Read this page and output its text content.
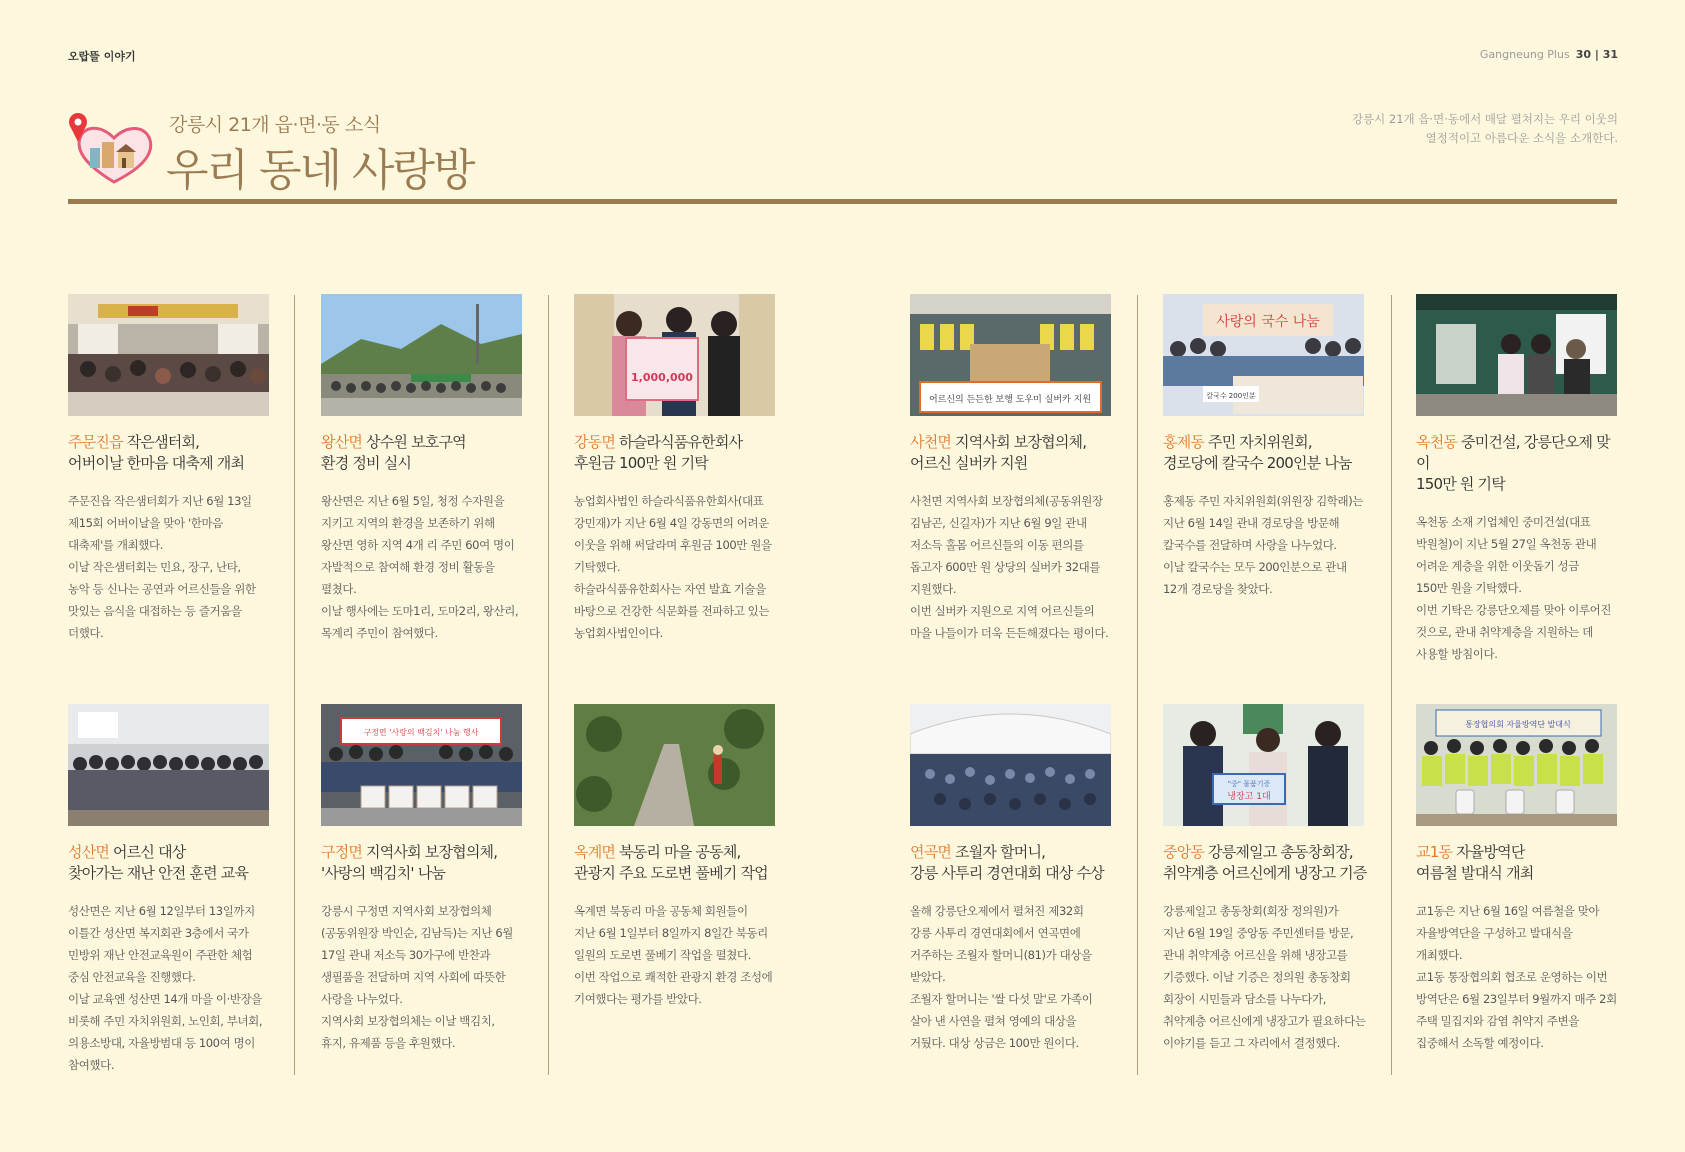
오랍뜰 이야기	Gangneung Plus 30 | 31
강릉시 21개 읍·면·동 소식
우리 동네 사랑방
강릉시 21개 읍·면·동에서 매달 펼쳐지는 우리 이웃의
열정적이고 아름다운 소식을 소개한다.
주문진읍 작은샘터회,
어버이날 한마음 대축제 개최
주문진읍 작은샘터회가 지난 6월 13일
제15회 어버이날을 맞아 '한마음
대축제'를 개최했다.
이날 작은샘터회는 민요, 장구, 난타,
농악 등 신나는 공연과 어르신들을 위한
맛있는 음식을 대접하는 등 즐거움을
더했다.
왕산면 상수원 보호구역
환경 정비 실시
왕산면은 지난 6월 5일, 청정 수자원을
지키고 지역의 환경을 보존하기 위해
왕산면 영하 지역 4개 리 주민 60여 명이
자발적으로 참여해 환경 정비 활동을
펼쳤다.
이날 행사에는 도마1리, 도마2리, 왕산리,
목계리 주민이 참여했다.
1,000,000
강동면 하슬라식품유한회사
후원금 100만 원 기탁
농업회사법인 하슬라식품유한회사(대표
강민재)가 지난 6월 4일 강동면의 어려운
이웃을 위해 써달라며 후원금 100만 원을
기탁했다.
하슬라식품유한회사는 자연 발효 기술을
바탕으로 건강한 식문화를 전파하고 있는
농업회사법인이다.
어르신의 든든한 보행 도우미 실버카 지원
사천면 지역사회 보장협의체,
어르신 실버카 지원
사천면 지역사회 보장협의체(공동위원장
김남곤, 신길자)가 지난 6월 9일 관내
저소득 홀몸 어르신들의 이동 편의를
돕고자 600만 원 상당의 실버카 32대를
지원했다.
이번 실버카 지원으로 지역 어르신들의
마을 나들이가 더욱 든든해졌다는 평이다.
사랑의 국수 나눔
칼국수 200인분
홍제동 주민 자치위원회,
경로당에 칼국수 200인분 나눔
홍제동 주민 자치위원회(위원장 김학래)는
지난 6월 14일 관내 경로당을 방문해
칼국수를 전달하며 사랑을 나누었다.
이날 칼국수는 모두 200인분으로 관내
12개 경로당을 찾았다.
옥천동 중미건설, 강릉단오제 맞이
150만 원 기탁
옥천동 소재 기업체인 중미건설(대표
박원철)이 지난 5월 27일 옥천동 관내
어려운 계층을 위한 이웃돕기 성금
150만 원을 기탁했다.
이번 기탁은 강릉단오제를 맞아 이루어진
것으로, 관내 취약계층을 지원하는 데
사용할 방침이다.
성산면 어르신 대상
찾아가는 재난 안전 훈련 교육
성산면은 지난 6월 12일부터 13일까지
이틀간 성산면 복지회관 3층에서 국가
민방위 재난 안전교육원이 주관한 체험
중심 안전교육을 진행했다.
이날 교육엔 성산면 14개 마을 이·반장을
비롯해 주민 자치위원회, 노인회, 부녀회,
의용소방대, 자율방범대 등 100여 명이
참여했다.
구정면 '사랑의 백김치' 나눔 행사
구정면 지역사회 보장협의체,
'사랑의 백김치' 나눔
강릉시 구정면 지역사회 보장협의체
(공동위원장 박인순, 김남득)는 지난 6월
17일 관내 저소득 30가구에 반찬과
생필품을 전달하며 지역 사회에 따뜻한
사랑을 나누었다.
지역사회 보장협의체는 이날 백김치,
휴지, 유제품 등을 후원했다.
옥계면 북동리 마을 공동체,
관광지 주요 도로변 풀베기 작업
옥계면 북동리 마을 공동체 회원들이
지난 6월 1일부터 8일까지 8일간 북동리
일원의 도로변 풀베기 작업을 펼쳤다.
이번 작업으로 쾌적한 관광지 환경 조성에
기여했다는 평가를 받았다.
연곡면 조월자 할머니,
강릉 사투리 경연대회 대상 수상
올해 강릉단오제에서 펼쳐진 제32회
강릉 사투리 경연대회에서 연곡면에
거주하는 조월자 할머니(81)가 대상을
받았다.
조월자 할머니는 '쌀 다섯 말'로 가족이
살아 낸 사연을 펼쳐 영예의 대상을
거뒀다. 대상 상금은 100만 원이다.
"중" 물품기증
냉장고 1대
중앙동 강릉제일고 총동창회장,
취약계층 어르신에게 냉장고 기증
강릉제일고 총동창회(회장 정의원)가
지난 6월 19일 중앙동 주민센터를 방문,
관내 취약계층 어르신을 위해 냉장고를
기증했다. 이날 기증은 정의원 총동창회
회장이 시민들과 담소를 나누다가,
취약계층 어르신에게 냉장고가 필요하다는
이야기를 듣고 그 자리에서 결정했다.
통장협의회 자율방역단 발대식
교1동 자율방역단
여름철 발대식 개최
교1동은 지난 6월 16일 여름철을 맞아
자율방역단을 구성하고 발대식을
개최했다.
교1동 통장협의회 협조로 운영하는 이번
방역단은 6월 23일부터 9월까지 매주 2회
주택 밀집지와 감염 취약지 주변을
집중해서 소독할 예정이다.
